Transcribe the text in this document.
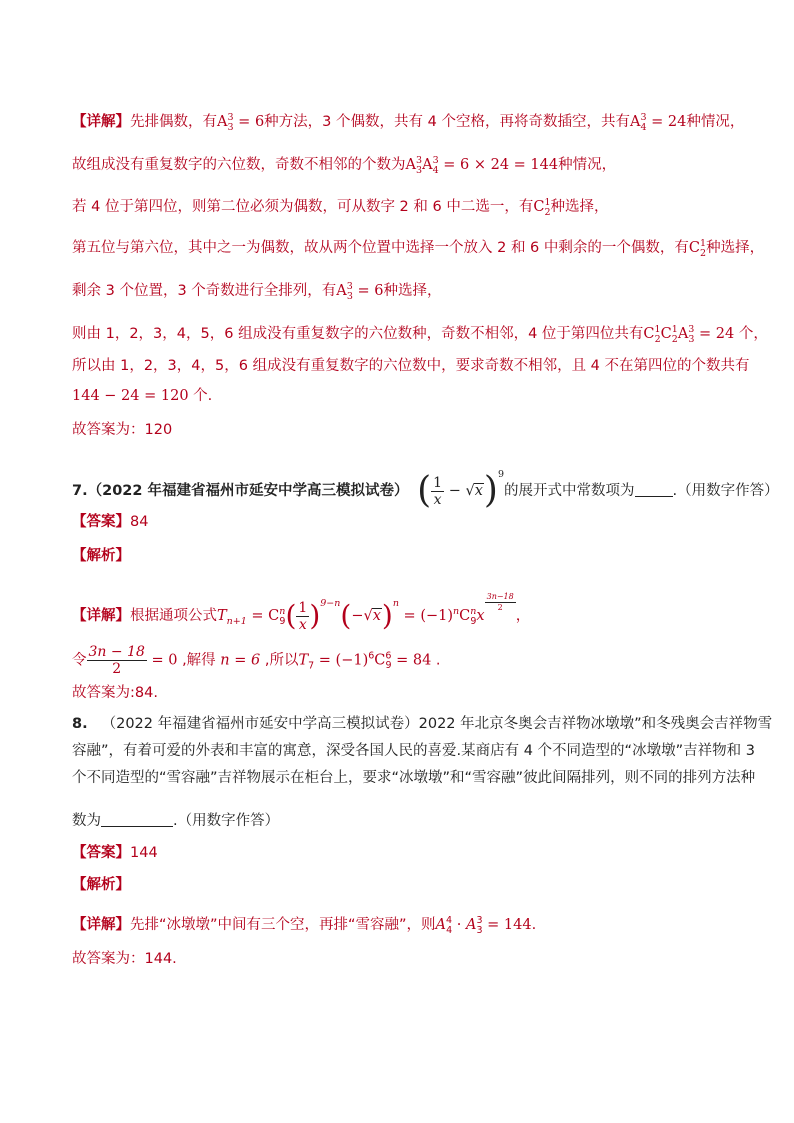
【详解】先排偶数，有$A^3_3 = 6$种方法，3 个偶数，共有 4 个空格，再将奇数插空，共有$A^3_4 = 24$种情况，
故组成没有重复数字的六位数，奇数不相邻的个数为$A^3_3A^3_4 = 6 \times 24 = 144$种情况，
若 4 位于第四位，则第二位必须为偶数，可从数字 2 和 6 中二选一，有$C^1_2$种选择，
第五位与第六位，其中之一为偶数，故从两个位置中选择一个放入 2 和 6 中剩余的一个偶数，有$C^1_2$种选择，
剩余 3 个位置，3 个奇数进行全排列，有$A^3_3 = 6$种选择，
则由 1，2，3，4，5，6 组成没有重复数字的六位数种，奇数不相邻，4 位于第四位共有$C^1_2C^1_2A^3_3 = 24$ 个，
所以由 1，2，3，4，5，6 组成没有重复数字的六位数中，要求奇数不相邻，且 4 不在第四位的个数共有
144 − 24 = 120 个.
故答案为：120
7.（2022 年福建省福州市延安中学高三模拟试卷） ( $\frac{1}{x} - √x)^9$的展开式中常数项为	.（用数字作答）
【答案】84
【解析】
【详解】根据通项公式$T_{n+1} = C^n_9( \frac{1}{x} )^{9-n}(-√x)^n = (-1)^nC^n_9x$
$\frac{3n-18}{2}$
，
令 $\frac{3n - 18}{2} = 0$ ,解得 n = 6 ,所以$T_7 = (-1)^6C^6_9 = 84$ .
故答案为:84.
8. （2022 年福建省福州市延安中学高三模拟试卷）2022 年北京冬奥会吉祥物冰墩墩”和冬残奥会吉祥物雪
容融”，有着可爱的外表和丰富的寓意，深受各国人民的喜爱.某商店有 4 个不同造型的“冰墩墩”吉祥物和 3
个不同造型的“雪容融”吉祥物展示在柜台上，要求“冰墩墩”和“雪容融”彼此间隔排列，则不同的排列方法种
数为	.（用数字作答）
【答案】144
【解析】
【详解】先排“冰墩墩”中间有三个空，再排“雪容融”，则$A^4_4 \cdot A^3_3 = 144$.
故答案为：144.
